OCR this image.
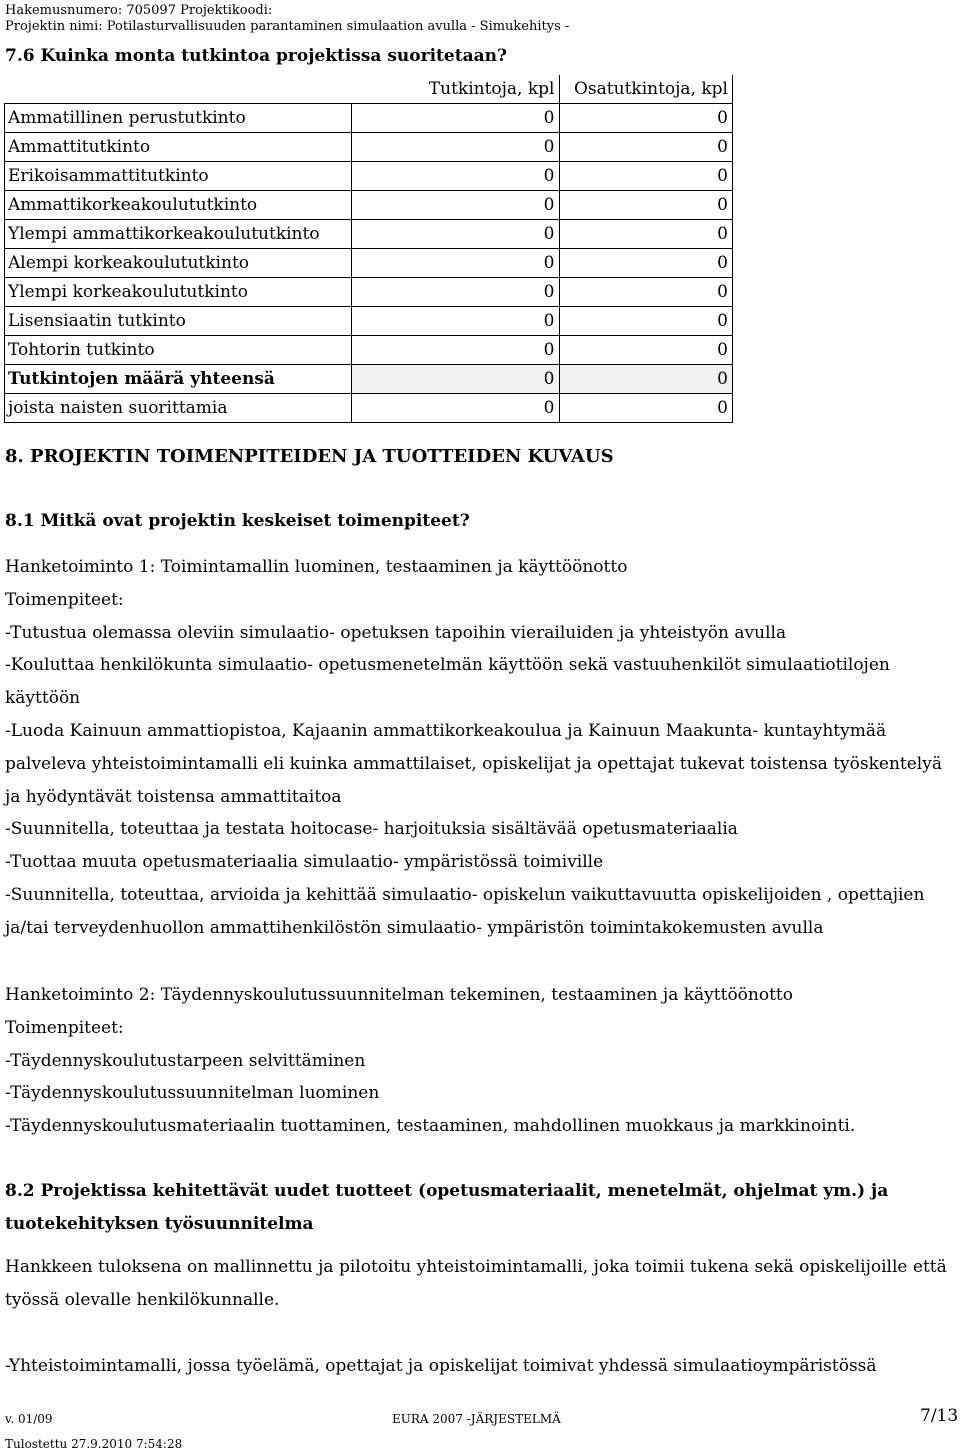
Hakemusnumero: 705097 Projektikoodi:
Projektin nimi: Potilasturvallisuuden parantaminen simulaation avulla - Simukehitys -
7.6 Kuinka monta tutkintoa projektissa suoritetaan?
	Tutkintoja, kpl	Osatutkintoja, kpl
Ammatillinen perustutkinto	0	0
Ammattitutkinto	0	0
Erikoisammattitutkinto	0	0
Ammattikorkeakoulututkinto	0	0
Ylempi ammattikorkeakoulututkinto	0	0
Alempi korkeakoulututkinto	0	0
Ylempi korkeakoulututkinto	0	0
Lisensiaatin tutkinto	0	0
Tohtorin tutkinto	0	0
Tutkintojen määrä yhteensä	0	0
joista naisten suorittamia	0	0
8. PROJEKTIN TOIMENPITEIDEN JA TUOTTEIDEN KUVAUS
8.1 Mitkä ovat projektin keskeiset toimenpiteet?
Hanketoiminto 1: Toimintamallin luominen, testaaminen ja käyttöönotto
Toimenpiteet:
-Tutustua olemassa oleviin simulaatio- opetuksen tapoihin vierailuiden ja yhteistyön avulla
-Kouluttaa henkilökunta simulaatio- opetusmenetelmän käyttöön sekä vastuuhenkilöt simulaatiotilojen käyttöön
-Luoda Kainuun ammattiopistoa, Kajaanin ammattikorkeakoulua ja Kainuun Maakunta- kuntayhtymää palveleva yhteistoimintamalli eli kuinka ammattilaiset, opiskelijat ja opettajat tukevat toistensa työskentelyä ja hyödyntävät toistensa ammattitaitoa
-Suunnitella, toteuttaa ja testata hoitocase- harjoituksia sisältävää opetusmateriaalia
-Tuottaa muuta opetusmateriaalia simulaatio- ympäristössä toimiville
-Suunnitella, toteuttaa, arvioida ja kehittää simulaatio- opiskelun vaikuttavuutta opiskelijoiden , opettajien ja/tai terveydenhuollon ammattihenkilöstön simulaatio- ympäristön toimintakokemusten avulla
Hanketoiminto 2: Täydennyskoulutussuunnitelman tekeminen, testaaminen ja käyttöönotto
Toimenpiteet:
-Täydennyskoulutustarpeen selvittäminen
-Täydennyskoulutussuunnitelman luominen
-Täydennyskoulutusmateriaalin tuottaminen, testaaminen, mahdollinen muokkaus ja markkinointi.
8.2 Projektissa kehitettävät uudet tuotteet (opetusmateriaalit, menetelmät, ohjelmat ym.) ja tuotekehityksen työsuunnitelma
Hankkeen tuloksena on mallinnettu ja pilotoitu yhteistoimintamalli, joka toimii tukena sekä opiskelijoille että työssä olevalle henkilökunnalle.
-Yhteistoimintamalli, jossa työelämä, opettajat ja opiskelijat toimivat yhdessä simulaatioympäristössä
v. 01/09	EURA 2007 -JÄRJESTELMÄ	7/13
Tulostettu 27.9.2010 7:54:28
